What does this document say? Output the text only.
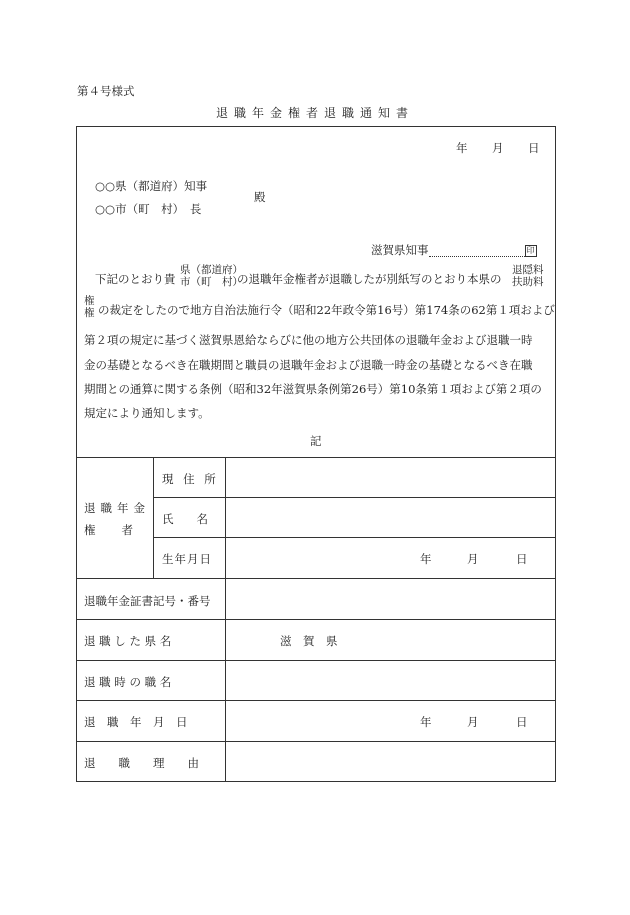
第４号様式
退職年金権者退職通知書
年 月 日
○○県（都道府）知事
○○市（町　村）　長
殿
滋賀県知事	印
下記のとおり貴
県（都道府）
市（町　村）
の退職年金権者が退職したが別紙写のとおり本県の
退隠料
扶助料
権
権 の裁定をしたので地方自治法施行令（昭和22年政令第16号）第174条の62第１項および
第２項の規定に基づく滋賀県恩給ならびに他の地方公共団体の退職年金および退職一時
金の基礎となるべき在職期間と職員の退職年金および退職一時金の基礎となるべき在職
期間との通算に関する条例（昭和32年滋賀県条例第26号）第10条第１項および第２項の
規定により通知します。
記
退職年金
権　　者
現 住 所
氏　　名
生年月日	年	月	日
退職年金証書記号・番号
退 職 し た 県 名	滋　賀　県
退 職 時 の 職 名
退　職　年　月　日	年	月	日
退　　職　　理　　由
